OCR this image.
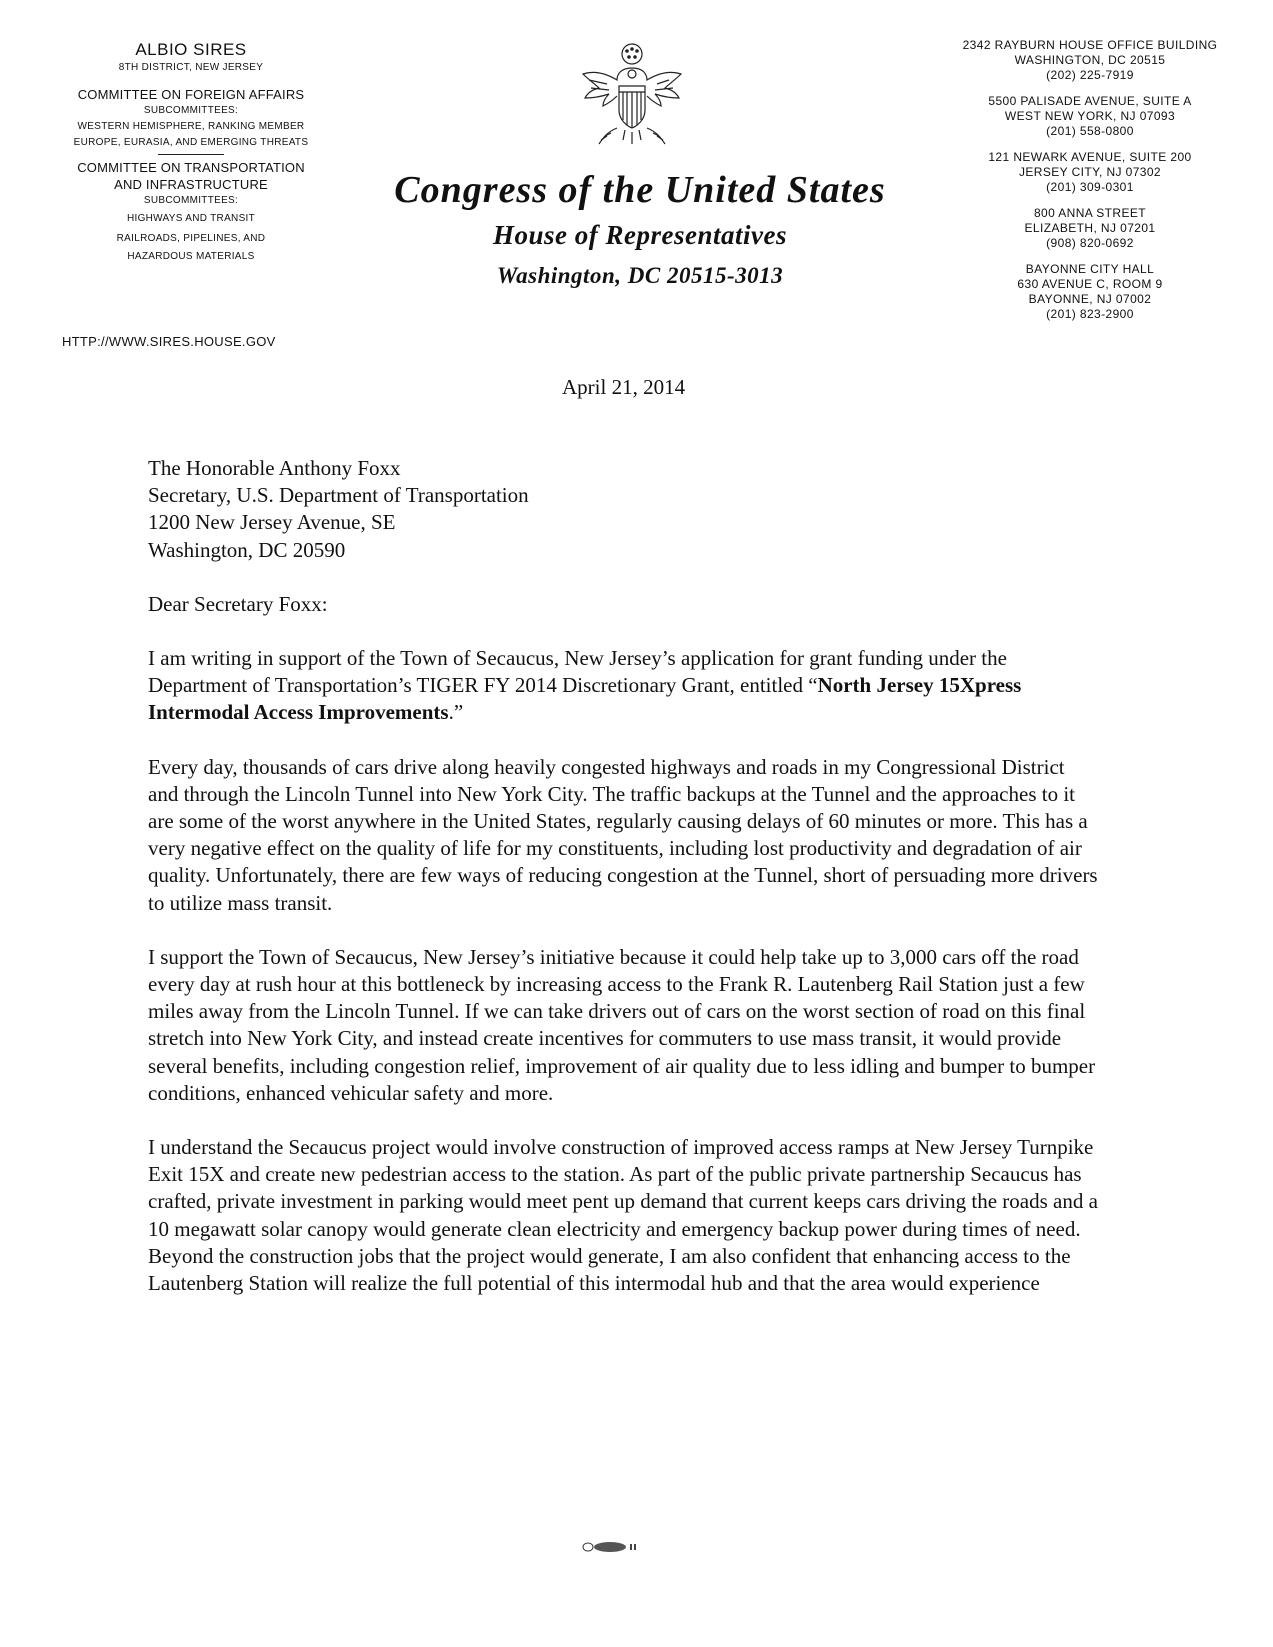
ALBIO SIRES
8TH DISTRICT, NEW JERSEY
COMMITTEE ON FOREIGN AFFAIRS
SUBCOMMITTEES:
WESTERN HEMISPHERE, RANKING MEMBER
EUROPE, EURASIA, AND EMERGING THREATS
COMMITTEE ON TRANSPORTATION
AND INFRASTRUCTURE
SUBCOMMITTEES:
HIGHWAYS AND TRANSIT
RAILROADS, PIPELINES, AND
HAZARDOUS MATERIALS
HTTP://WWW.SIRES.HOUSE.GOV
Congress of the United States
House of Representatives
Washington, DC 20515-3013
2342 RAYBURN HOUSE OFFICE BUILDING
WASHINGTON, DC 20515
(202) 225-7919
5500 PALISADE AVENUE, SUITE A
WEST NEW YORK, NJ 07093
(201) 558-0800
121 NEWARK AVENUE, SUITE 200
JERSEY CITY, NJ 07302
(201) 309-0301
800 ANNA STREET
ELIZABETH, NJ 07201
(908) 820-0692
BAYONNE CITY HALL
630 AVENUE C, ROOM 9
BAYONNE, NJ 07002
(201) 823-2900
April 21, 2014

The Honorable Anthony Foxx
Secretary, U.S. Department of Transportation
1200 New Jersey Avenue, SE
Washington, DC 20590

Dear Secretary Foxx:

I am writing in support of the Town of Secaucus, New Jersey’s application for grant funding under the Department of Transportation’s TIGER FY 2014 Discretionary Grant, entitled “North Jersey 15Xpress Intermodal Access Improvements.”

Every day, thousands of cars drive along heavily congested highways and roads in my Congressional District and through the Lincoln Tunnel into New York City. The traffic backups at the Tunnel and the approaches to it are some of the worst anywhere in the United States, regularly causing delays of 60 minutes or more. This has a very negative effect on the quality of life for my constituents, including lost productivity and degradation of air quality. Unfortunately, there are few ways of reducing congestion at the Tunnel, short of persuading more drivers to utilize mass transit.

I support the Town of Secaucus, New Jersey’s initiative because it could help take up to 3,000 cars off the road every day at rush hour at this bottleneck by increasing access to the Frank R. Lautenberg Rail Station just a few miles away from the Lincoln Tunnel. If we can take drivers out of cars on the worst section of road on this final stretch into New York City, and instead create incentives for commuters to use mass transit, it would provide several benefits, including congestion relief, improvement of air quality due to less idling and bumper to bumper conditions, enhanced vehicular safety and more.

I understand the Secaucus project would involve construction of improved access ramps at New Jersey Turnpike Exit 15X and create new pedestrian access to the station. As part of the public private partnership Secaucus has crafted, private investment in parking would meet pent up demand that current keeps cars driving the roads and a 10 megawatt solar canopy would generate clean electricity and emergency backup power during times of need. Beyond the construction jobs that the project would generate, I am also confident that enhancing access to the Lautenberg Station will realize the full potential of this intermodal hub and that the area would experience
